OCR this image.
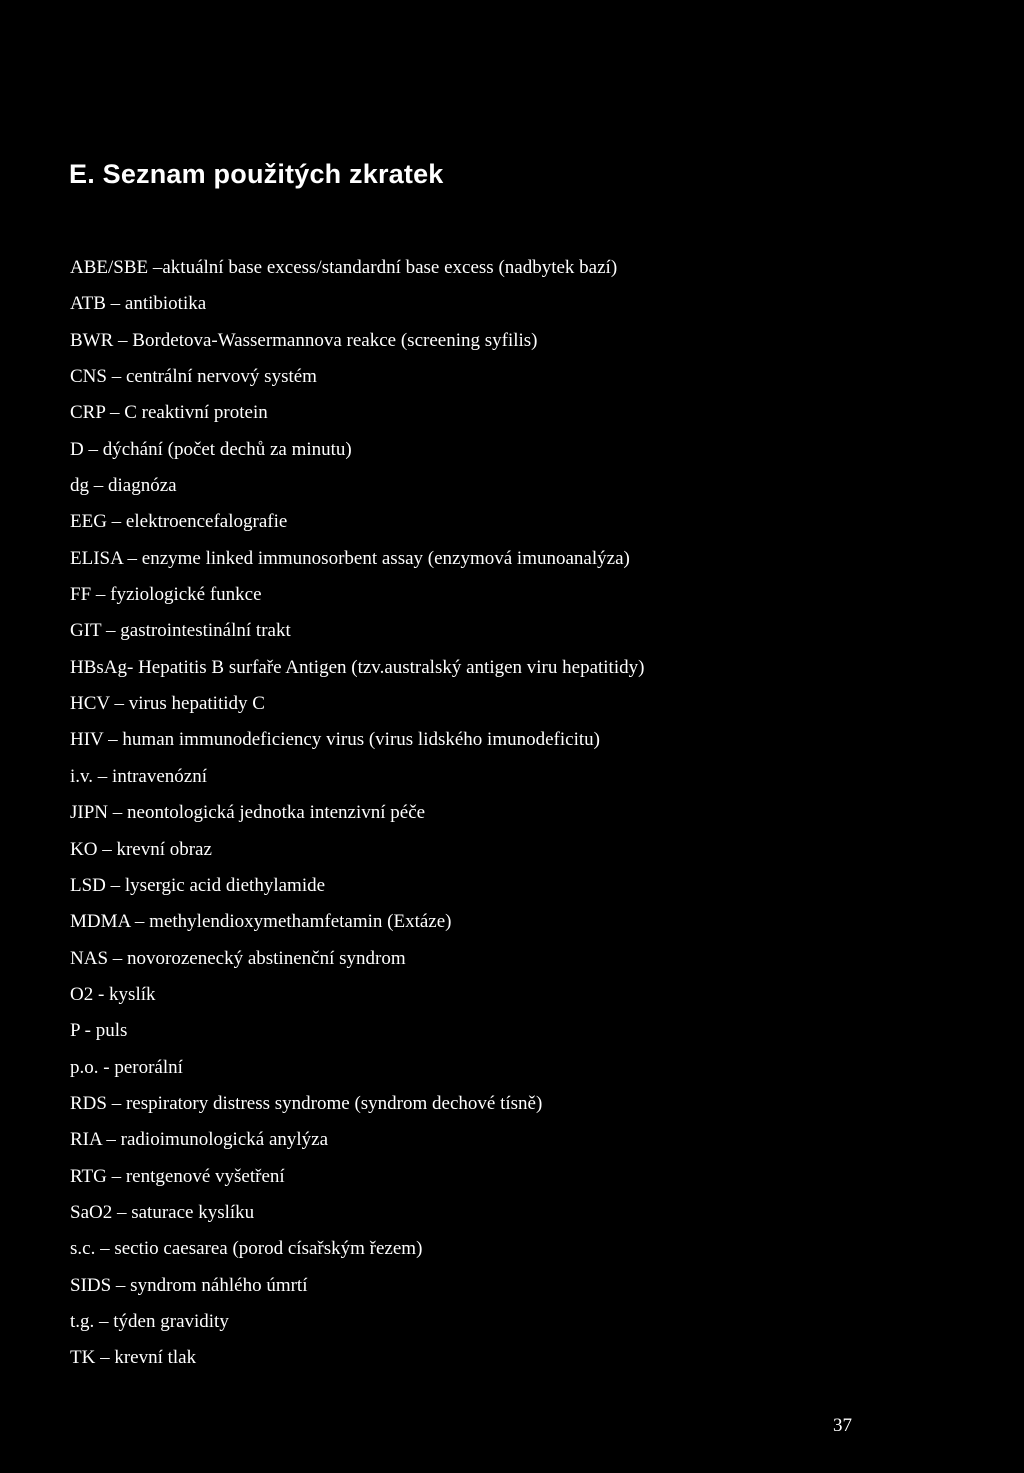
E. Seznam použitých zkratek
ABE/SBE –aktuální base excess/standardní base excess (nadbytek bazí)
ATB – antibiotika
BWR – Bordetova-Wassermannova reakce (screening syfilis)
CNS – centrální nervový systém
CRP – C reaktivní protein
D – dýchání (počet dechů za minutu)
dg – diagnóza
EEG – elektroencefalografie
ELISA – enzyme linked immunosorbent assay (enzymová imunoanalýza)
FF – fyziologické funkce
GIT – gastrointestinální trakt
HBsAg- Hepatitis B surfaře Antigen (tzv.australský antigen viru hepatitidy)
HCV – virus hepatitidy C
HIV – human immunodeficiency virus (virus lidského imunodeficitu)
i.v. – intravenózní
JIPN – neontologická jednotka intenzivní péče
KO – krevní obraz
LSD – lysergic acid diethylamide
MDMA – methylendioxymethamfetamin (Extáze)
NAS – novorozenecký abstinenční syndrom
O2 - kyslík
P - puls
p.o. - perorální
RDS – respiratory distress syndrome (syndrom dechové tísně)
RIA – radioimunologická anylýza
RTG – rentgenové vyšetření
SaO2 – saturace kyslíku
s.c. – sectio caesarea (porod císařským řezem)
SIDS – syndrom náhlého úmrtí
t.g. – týden gravidity
TK – krevní tlak
37
